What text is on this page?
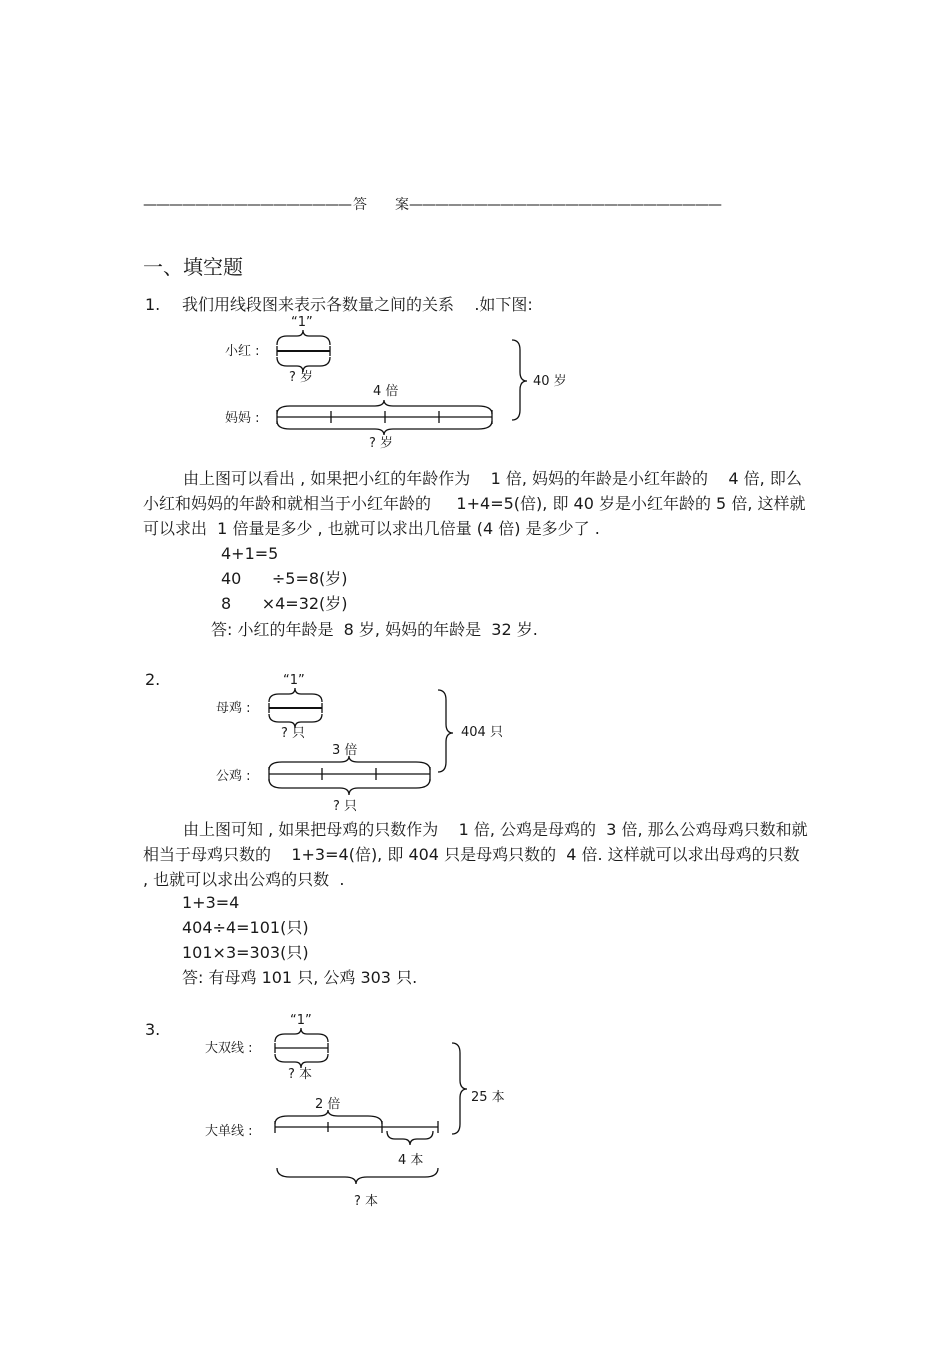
———————————————— 答 案————————————————————————
一、填空题
1. 我们用线段图来表示各数量之间的关系    .如下图:
“1”
小红 :
? 岁
4 倍
妈妈 :
? 岁
40 岁
由上图可以看出 , 如果把小红的年龄作为    1 倍, 妈妈的年龄是小红年龄的    4 倍, 即么小红和妈妈的年龄和就相当于小红年龄的     1+4=5(倍), 即 40 岁是小红年龄的 5 倍, 这样就可以求出  1 倍量是多少 , 也就可以求出几倍量 (4 倍) 是多少了 .
4+1=5
40      ÷5=8(岁)
8      ×4=32(岁)
答: 小红的年龄是  8 岁, 妈妈的年龄是  32 岁.
2.	“1”
母鸡 :
? 只
3 倍
公鸡 :
? 只
404 只
由上图可知 , 如果把母鸡的只数作为    1 倍, 公鸡是母鸡的  3 倍, 那么公鸡母鸡只数和就相当于母鸡只数的    1+3=4(倍), 即 404 只是母鸡只数的  4 倍. 这样就可以求出母鸡的只数 , 也就可以求出公鸡的只数  .
1+3=4
404÷4=101(只)
101×3=303(只)
答: 有母鸡 101 只, 公鸡 303 只.
3.	“1”
大双线 :
? 本
2 倍
大单线 :
4 本
? 本
25 本
